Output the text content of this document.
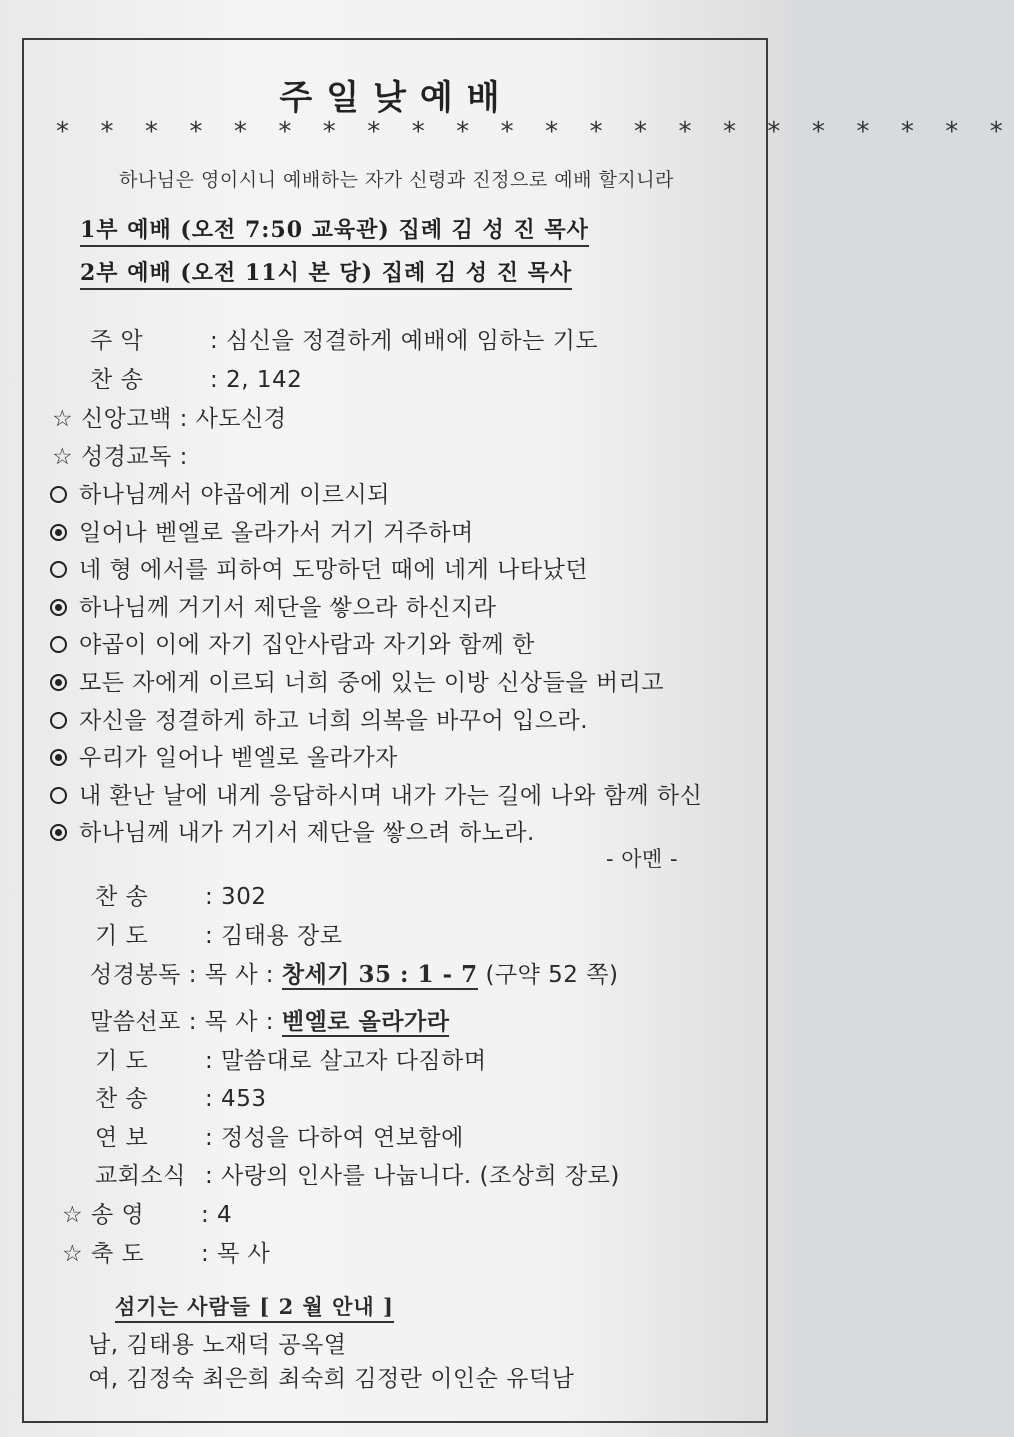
주일낮예배
* * * * * * * * * * * * * * * * * * * * * *
하나님은 영이시니 예배하는 자가 신령과 진정으로 예배 할지니라
1부 예배 (오전 7:50 교육관) 집례 김 성 진 목사
2부 예배 (오전 11시 본 당) 집례 김 성 진 목사
주 악	: 심신을 정결하게 예배에 임하는 기도
찬 송	: 2, 142
☆ 신앙고백 : 사도신경
☆ 성경교독 :
하나님께서 야곱에게 이르시되
일어나 벧엘로 올라가서 거기 거주하며
네 형 에서를 피하여 도망하던 때에 네게 나타났던
하나님께 거기서 제단을 쌓으라 하신지라
야곱이 이에 자기 집안사람과 자기와 함께 한
모든 자에게 이르되 너희 중에 있는 이방 신상들을 버리고
자신을 정결하게 하고 너희 의복을 바꾸어 입으라.
우리가 일어나 벧엘로 올라가자
내 환난 날에 내게 응답하시며 내가 가는 길에 나와 함께 하신
하나님께 내가 거기서 제단을 쌓으려 하노라.
- 아멘 -
찬 송 : 302
기 도 : 김태용 장로
성경봉독 : 목 사 : 창세기 35 : 1 - 7 (구약 52 쪽)
말씀선포 : 목 사 : 벧엘로 올라가라
기 도 : 말씀대로 살고자 다짐하며
찬 송 : 453
연 보 : 정성을 다하여 연보함에
교회소식 : 사랑의 인사를 나눕니다. (조상희 장로)
☆ 송 영 : 4
☆ 축 도 : 목 사
섬기는 사람들 [ 2 월 안내 ]
남, 김태용 노재덕 공옥열
여, 김정숙 최은희 최숙희 김정란 이인순 유덕남
